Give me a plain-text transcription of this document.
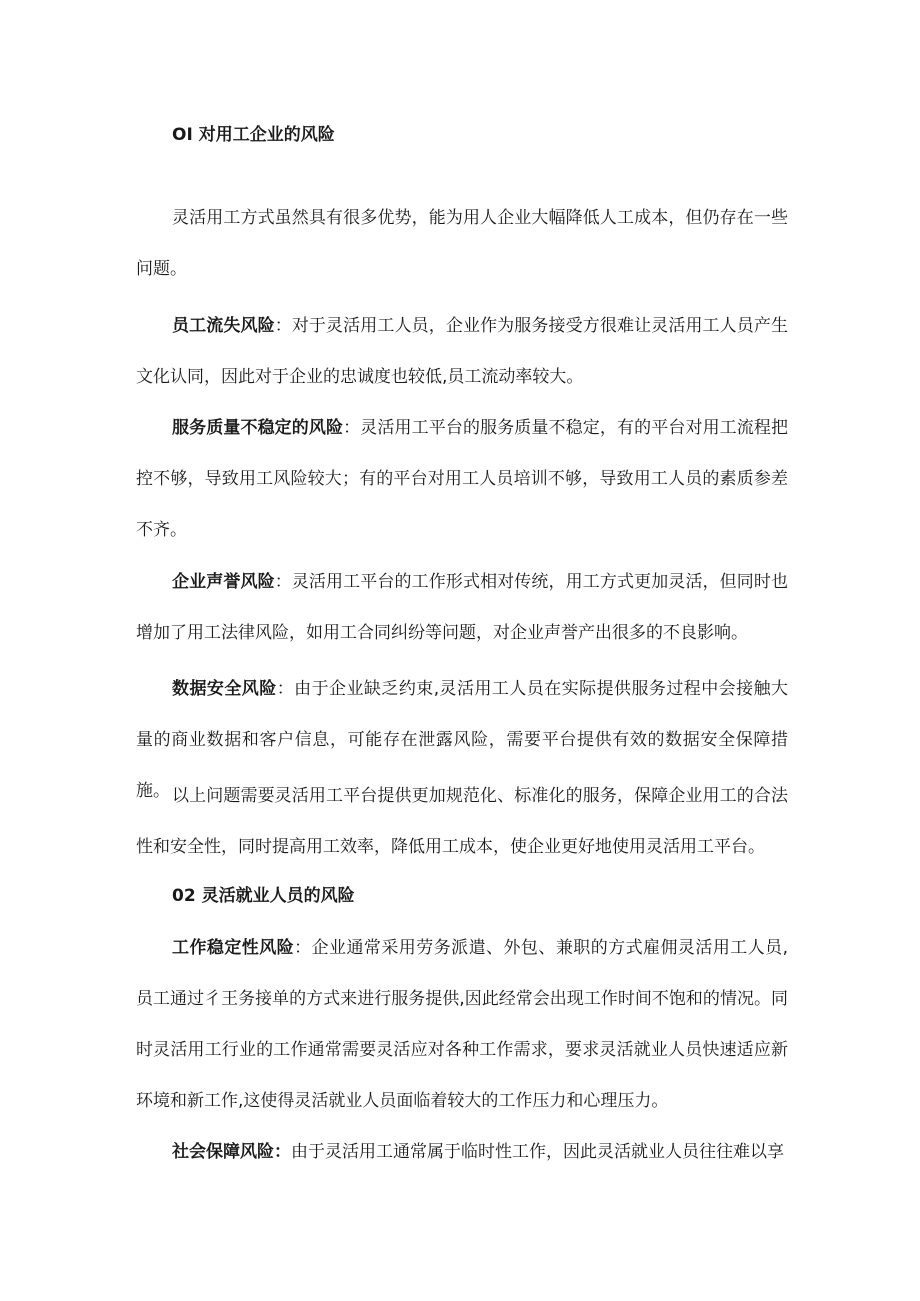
OI 对用工企业的风险

灵活用工方式虽然具有很多优势，能为用人企业大幅降低人工成本，但仍存在一些问题。

员工流失风险：对于灵活用工人员，企业作为服务接受方很难让灵活用工人员产生文化认同，因此对于企业的忠诚度也较低,员工流动率较大。

服务质量不稳定的风险：灵活用工平台的服务质量不稳定，有的平台对用工流程把控不够，导致用工风险较大；有的平台对用工人员培训不够，导致用工人员的素质参差不齐。

企业声誉风险：灵活用工平台的工作形式相对传统，用工方式更加灵活，但同时也增加了用工法律风险，如用工合同纠纷等问题，对企业声誉产出很多的不良影响。

数据安全风险：由于企业缺乏约束,灵活用工人员在实际提供服务过程中会接触大量的商业数据和客户信息，可能存在泄露风险，需要平台提供有效的数据安全保障措施。 以上问题需要灵活用工平台提供更加规范化、标准化的服务，保障企业用工的合法性和安全性，同时提高用工效率，降低用工成本，使企业更好地使用灵活用工平台。

02 灵活就业人员的风险

工作稳定性风险：企业通常采用劳务派遣、外包、兼职的方式雇佣灵活用工人员,员工通过彳王务接单的方式来进行服务提供,因此经常会出现工作时间不饱和的情况。同时灵活用工行业的工作通常需要灵活应对各种工作需求，要求灵活就业人员快速适应新环境和新工作,这使得灵活就业人员面临着较大的工作压力和心理压力。

社会保障风险：由于灵活用工通常属于临时性工作，因此灵活就业人员往往难以享
